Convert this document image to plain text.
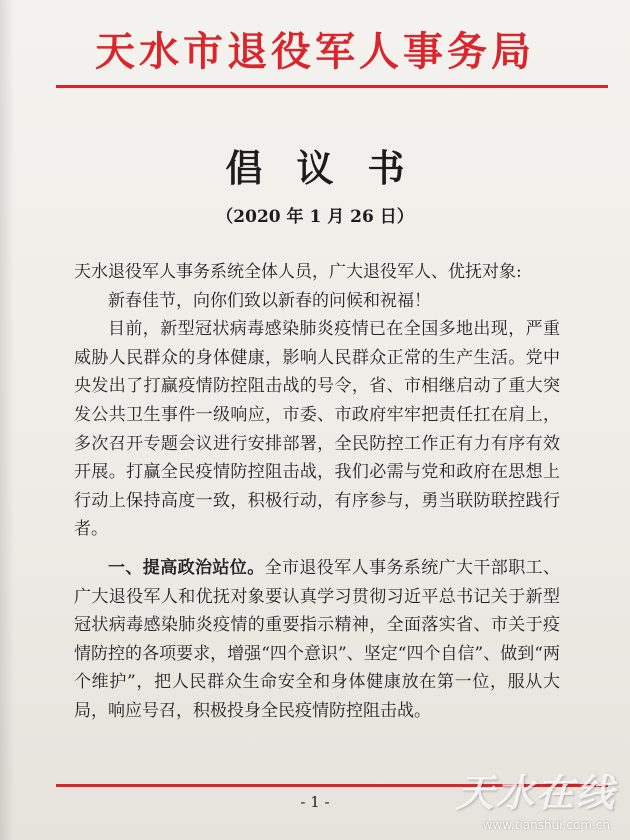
天水市退役军人事务局
倡议书
（2020 年 1 月 26 日）

天水退役军人事务系统全体人员，广大退役军人、优抚对象:

新春佳节，向你们致以新春的问候和祝福！

目前，新型冠状病毒感染肺炎疫情已在全国多地出现，严重威胁人民群众的身体健康，影响人民群众正常的生产生活。党中央发出了打赢疫情防控阻击战的号令，省、市相继启动了重大突发公共卫生事件一级响应，市委、市政府牢牢把责任扛在肩上，多次召开专题会议进行安排部署，全民防控工作正有力有序有效开展。打赢全民疫情防控阻击战，我们必需与党和政府在思想上行动上保持高度一致，积极行动，有序参与，勇当联防联控践行者。

一、提高政治站位。全市退役军人事务系统广大干部职工、广大退役军人和优抚对象要认真学习贯彻习近平总书记关于新型冠状病毒感染肺炎疫情的重要指示精神，全面落实省、市关于疫情防控的各项要求，增强“四个意识”、坚定“四个自信”、做到“两个维护”，把人民群众生命安全和身体健康放在第一位，服从大局，响应号召，积极投身全民疫情防控阻击战。

- 1 -	天水在线
www.tianshui.com.cn
